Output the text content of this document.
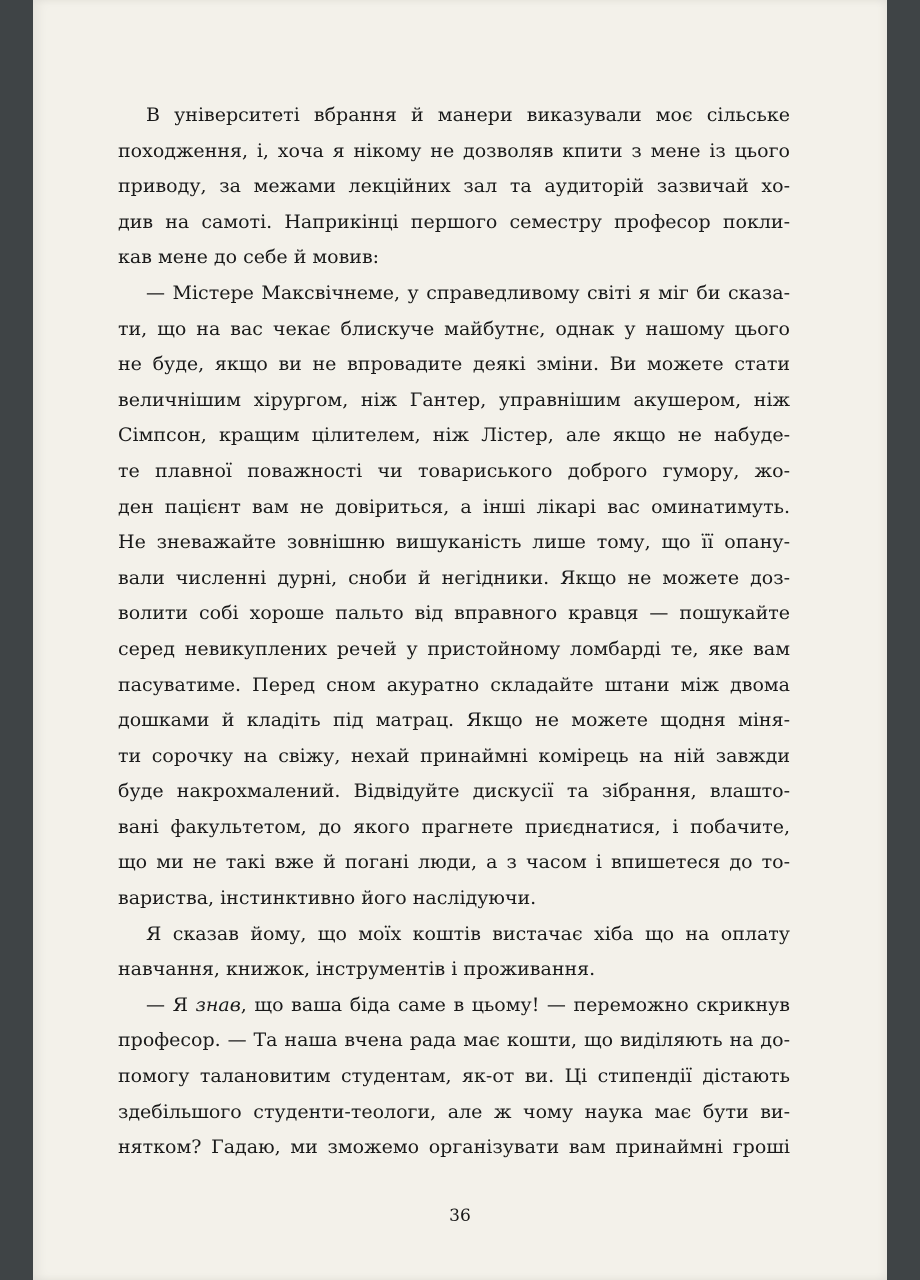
В університеті вбрання й манери виказували моє сільське
походження, і, хоча я нікому не дозволяв кпити з мене із цього
приводу, за межами лекційних зал та аудиторій зазвичай хо-
див на самоті. Наприкінці першого семестру професор покли-
кав мене до себе й мовив:

— Містере Максвічнеме, у справедливому світі я міг би сказа-
ти, що на вас чекає блискуче майбутнє, однак у нашому цього
не буде, якщо ви не впровадите деякі зміни. Ви можете стати
величнішим хірургом, ніж Гантер, управнішим акушером, ніж
Сімпсон, кращим цілителем, ніж Лістер, але якщо не набуде-
те плавної поважності чи товариського доброго гумору, жо-
ден пацієнт вам не довіриться, а інші лікарі вас оминатимуть.
Не зневажайте зовнішню вишуканість лише тому, що її опану-
вали численні дурні, сноби й негідники. Якщо не можете доз-
волити собі хороше пальто від вправного кравця — пошукайте
серед невикуплених речей у пристойному ломбарді те, яке вам
пасуватиме. Перед сном акуратно складайте штани між двома
дошками й кладіть під матрац. Якщо не можете щодня міня-
ти сорочку на свіжу, нехай принаймні комірець на ній завжди
буде накрохмалений. Відвідуйте дискусії та зібрання, влашто-
вані факультетом, до якого прагнете приєднатися, і побачите,
що ми не такі вже й погані люди, а з часом і впишетеся до то-
вариства, інстинктивно його наслідуючи.

Я сказав йому, що моїх коштів вистачає хіба що на оплату
навчання, книжок, інструментів і проживання.

— Я знав, що ваша біда саме в цьому! — переможно скрикнув
професор. — Та наша вчена рада має кошти, що виділяють на до-
помогу талановитим студентам, як-от ви. Ці стипендії дістають
здебільшого студенти-теологи, але ж чому наука має бути ви-
нятком? Гадаю, ми зможемо організувати вам принаймні гроші

36
